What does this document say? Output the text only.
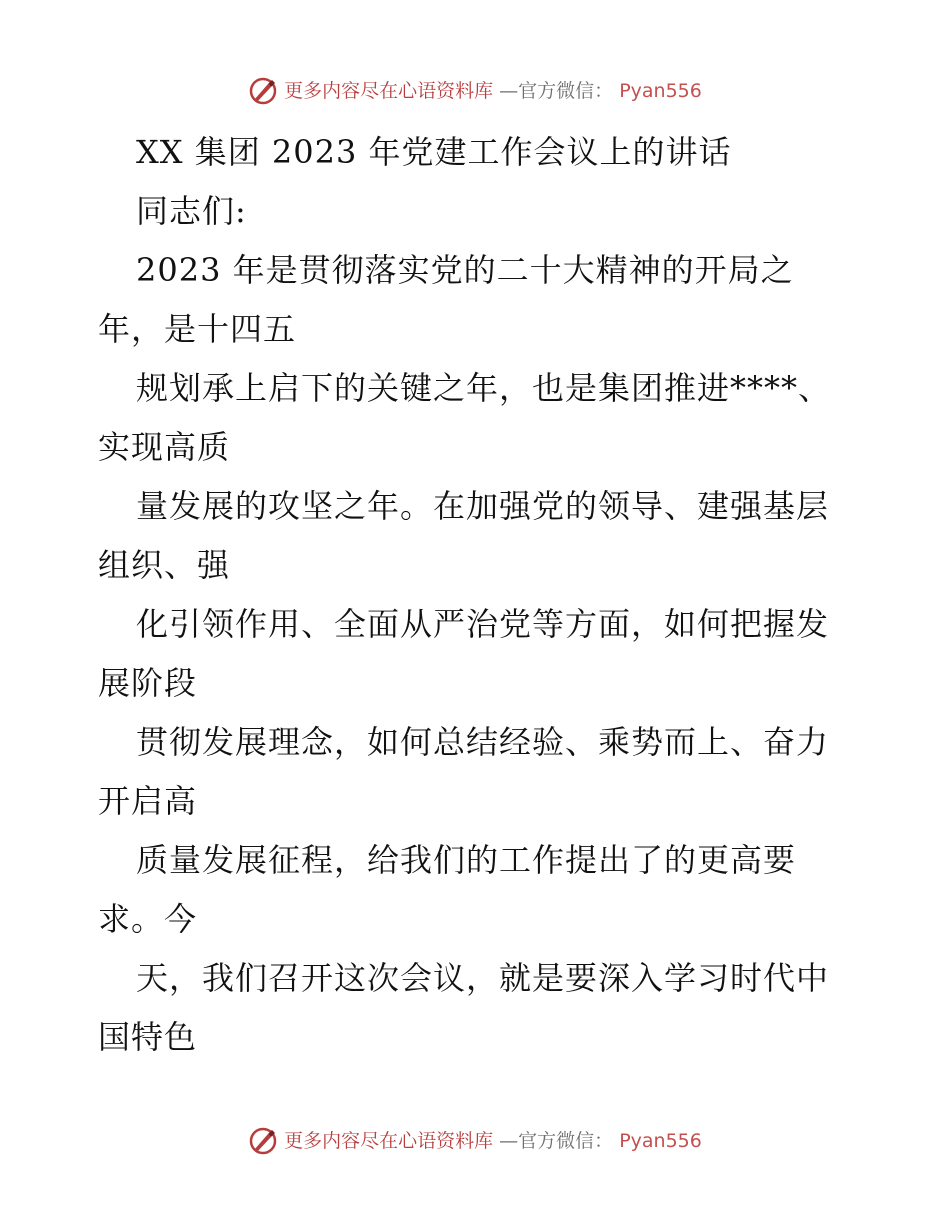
更多内容尽在心语资料库 —官方微信： Pyan556
XX 集团 2023 年党建工作会议上的讲话
同志们:
2023 年是贯彻落实党的二十大精神的开局之
年，是十四五
规划承上启下的关键之年，也是集团推进****、
实现高质
量发展的攻坚之年。在加强党的领导、建强基层
组织、强
化引领作用、全面从严治党等方面，如何把握发
展阶段
贯彻发展理念，如何总结经验、乘势而上、奋力
开启高
质量发展征程，给我们的工作提出了的更高要
求。今
天，我们召开这次会议，就是要深入学习时代中
国特色
更多内容尽在心语资料库 —官方微信： Pyan556
